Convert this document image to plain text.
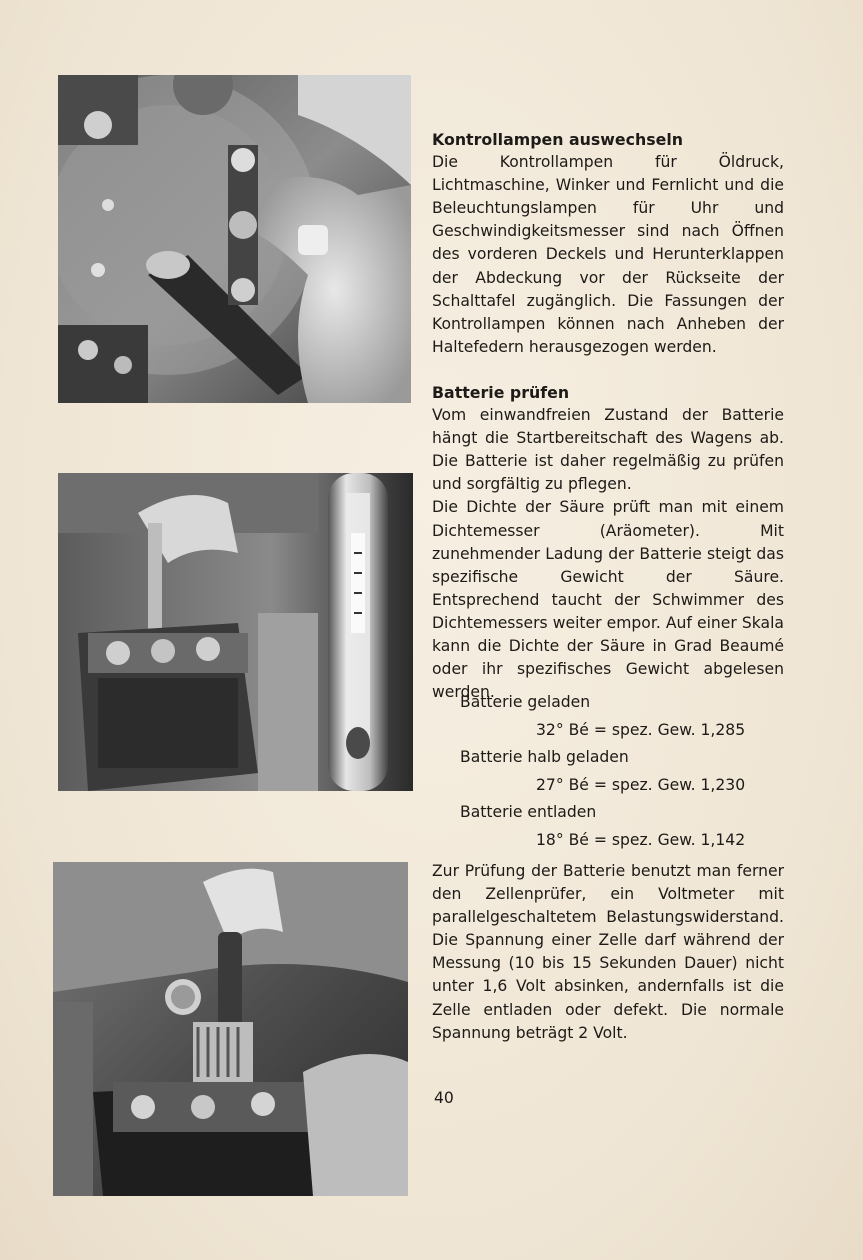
Kontrollampen auswechseln

Die Kontrollampen für Öldruck, Lichtmaschine, Winker und Fernlicht und die Beleuchtungslampen für Uhr und Geschwindigkeitsmesser sind nach Öffnen des vorderen Deckels und Herunterklappen der Abdeckung vor der Rückseite der Schalttafel zugänglich. Die Fassungen der Kontrollampen können nach Anheben der Haltefedern herausgezogen werden.

Batterie prüfen

Vom einwandfreien Zustand der Batterie hängt die Startbereitschaft des Wagens ab. Die Batterie ist daher regelmäßig zu prüfen und sorgfältig zu pflegen.

Die Dichte der Säure prüft man mit einem Dichtemesser (Aräometer). Mit zunehmender Ladung der Batterie steigt das spezifische Gewicht der Säure. Entsprechend taucht der Schwimmer des Dichtemessers weiter empor. Auf einer Skala kann die Dichte der Säure in Grad Beaumé oder ihr spezifisches Gewicht abgelesen werden.

Batterie geladen
32° Bé = spez. Gew. 1,285
Batterie halb geladen
27° Bé = spez. Gew. 1,230
Batterie entladen
18° Bé = spez. Gew. 1,142

Zur Prüfung der Batterie benutzt man ferner den Zellenprüfer, ein Voltmeter mit parallelgeschaltetem Belastungswiderstand. Die Spannung einer Zelle darf während der Messung (10 bis 15 Sekunden Dauer) nicht unter 1,6 Volt absinken, andernfalls ist die Zelle entladen oder defekt. Die normale Spannung beträgt 2 Volt.

40
